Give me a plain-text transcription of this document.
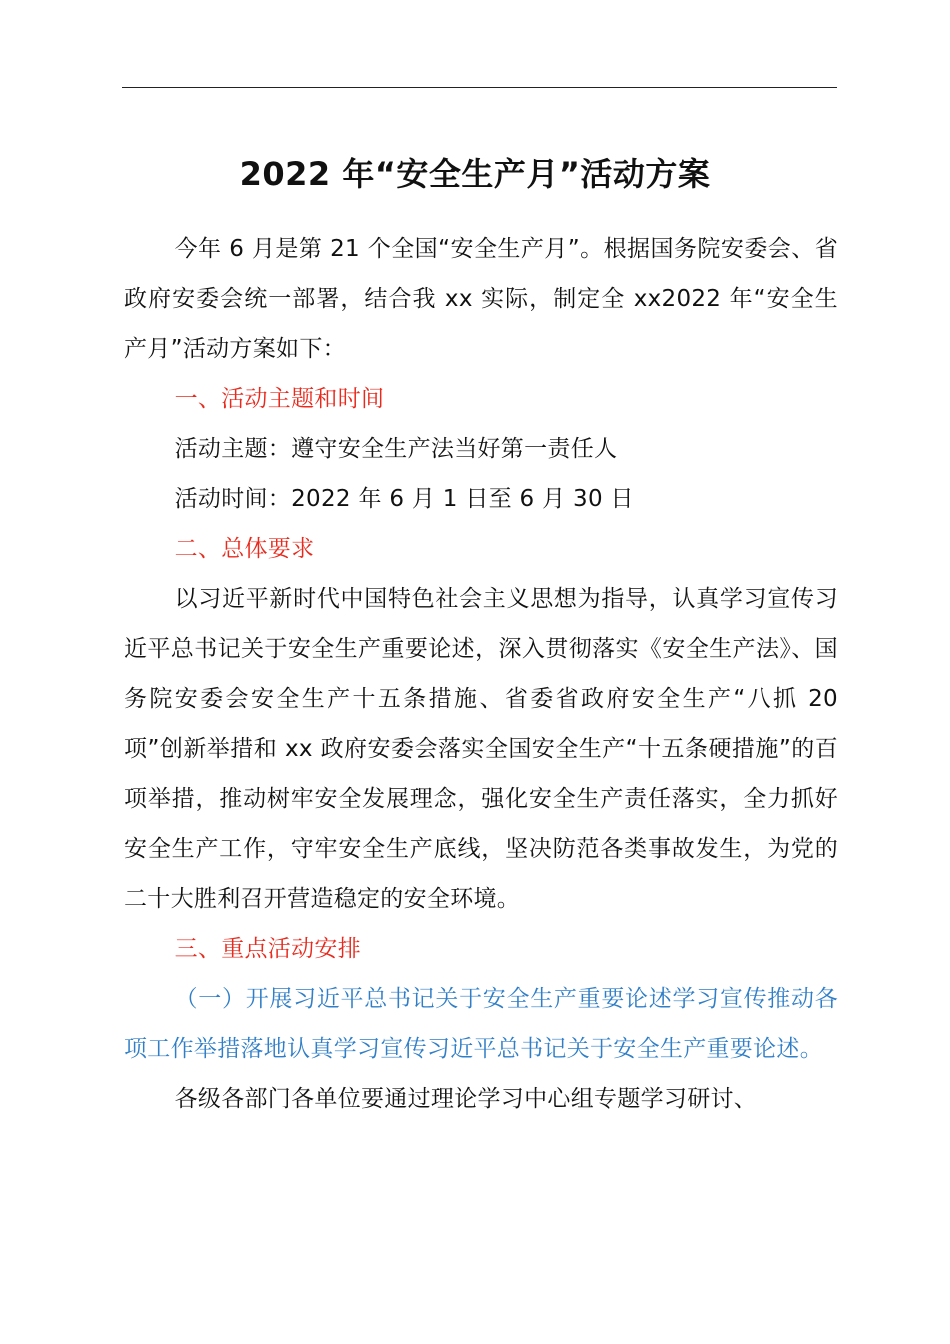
2022 年“安全生产月”活动方案

今年 6 月是第 21 个全国“安全生产月”。根据国务院安委会、省政府安委会统一部署，结合我 xx 实际，制定全 xx2022 年“安全生产月”活动方案如下：

一、活动主题和时间

活动主题：遵守安全生产法当好第一责任人

活动时间：2022 年 6 月 1 日至 6 月 30 日

二、总体要求

以习近平新时代中国特色社会主义思想为指导，认真学习宣传习近平总书记关于安全生产重要论述，深入贯彻落实《安全生产法》、国务院安委会安全生产十五条措施、省委省政府安全生产“八抓 20 项”创新举措和 xx 政府安委会落实全国安全生产“十五条硬措施”的百项举措，推动树牢安全发展理念，强化安全生产责任落实，全力抓好安全生产工作，守牢安全生产底线，坚决防范各类事故发生，为党的二十大胜利召开营造稳定的安全环境。

三、重点活动安排

（一）开展习近平总书记关于安全生产重要论述学习宣传推动各项工作举措落地认真学习宣传习近平总书记关于安全生产重要论述。

各级各部门各单位要通过理论学习中心组专题学习研讨、
